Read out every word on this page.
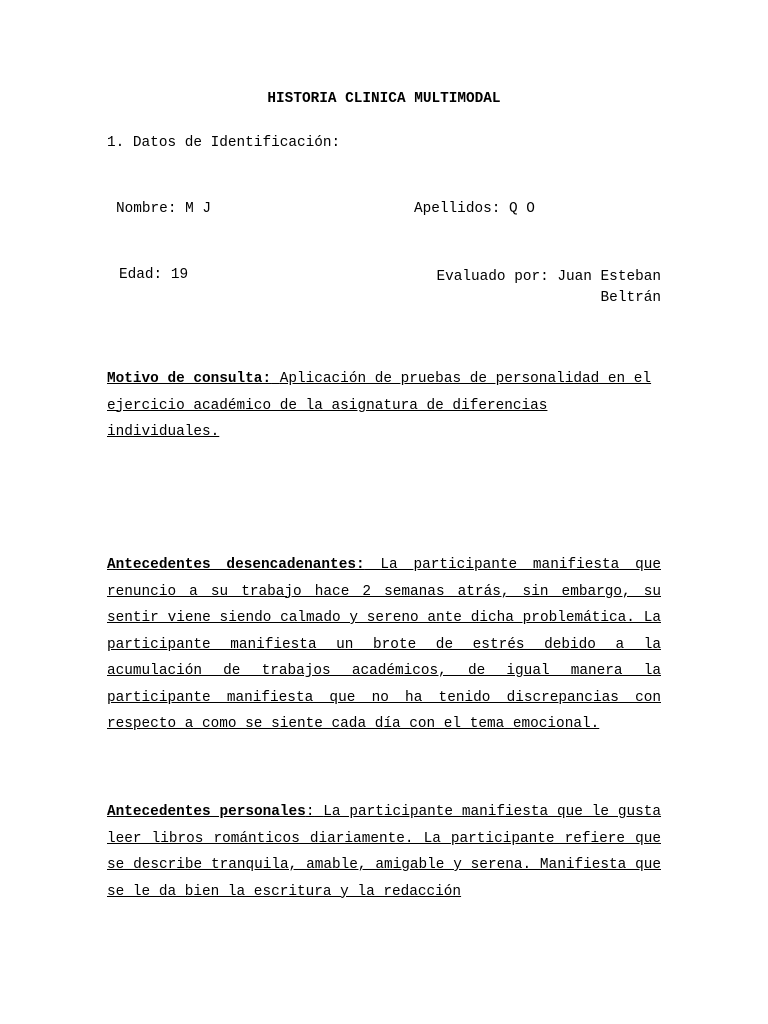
HISTORIA CLINICA MULTIMODAL
1. Datos de Identificación:
Nombre: M J	Apellidos: Q O
Edad: 19	Evaluado por: Juan Esteban
Beltrán
Motivo de consulta: Aplicación de pruebas de personalidad en el ejercicio académico de la asignatura de diferencias individuales.
Antecedentes desencadenantes: La participante manifiesta que renuncio a su trabajo hace 2 semanas atrás, sin embargo, su sentir viene siendo calmado y sereno ante dicha problemática. La participante manifiesta un brote de estrés debido a la acumulación de trabajos académicos, de igual manera la participante manifiesta que no ha tenido discrepancias con respecto a como se siente cada día con el tema emocional.
Antecedentes personales: La participante manifiesta que le gusta leer libros románticos diariamente. La participante refiere que se describe tranquila, amable, amigable y serena. Manifiesta que se le da bien la escritura y la redacción
